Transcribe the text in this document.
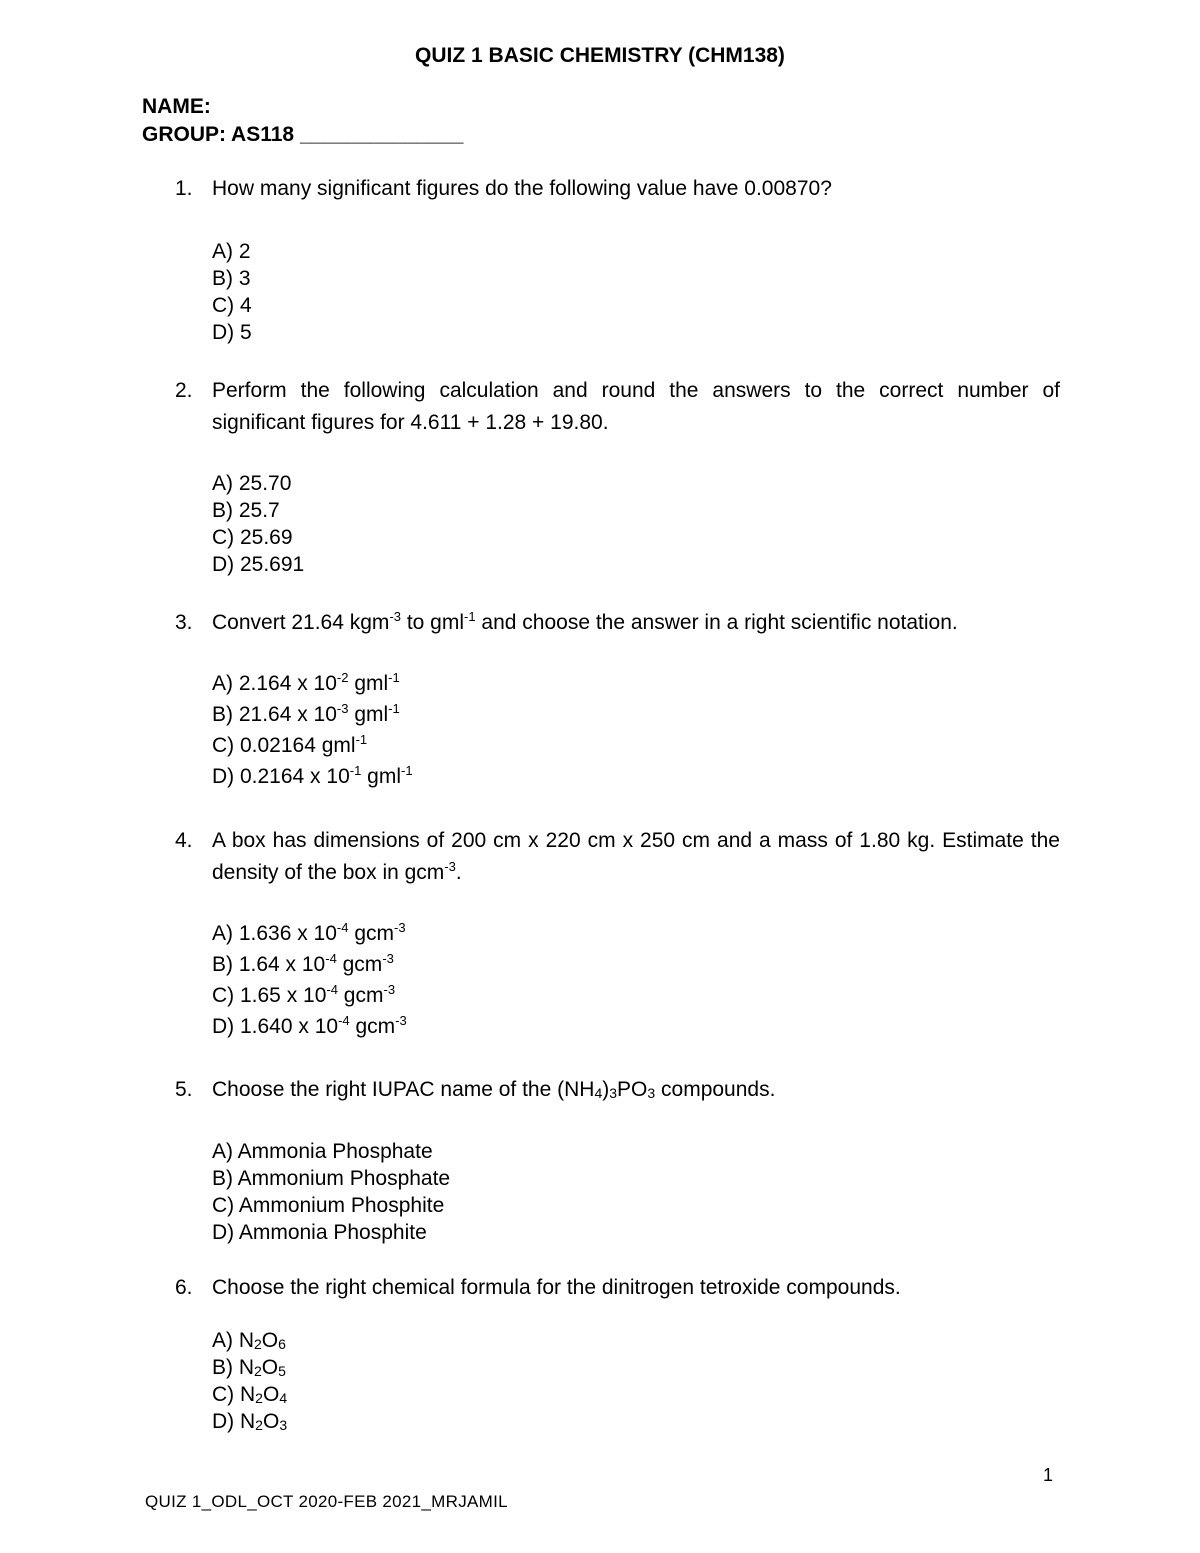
QUIZ 1 BASIC CHEMISTRY (CHM138)
NAME:
GROUP: AS118 ______________
1. How many significant figures do the following value have 0.00870?
A) 2
B) 3
C) 4
D) 5
2. Perform the following calculation and round the answers to the correct number of significant figures for 4.611 + 1.28 + 19.80.
A) 25.70
B) 25.7
C) 25.69
D) 25.691
3. Convert 21.64 kgm$^{-3}$ to gml$^{-1}$ and choose the answer in a right scientific notation.
A) 2.164 x $10^{-2}$ gml$^{-1}$
B) 21.64 x $10^{-3}$ gml$^{-1}$
C) 0.02164 gml$^{-1}$
D) 0.2164 x $10^{-1}$ gml$^{-1}$
4. A box has dimensions of 200 cm x 220 cm x 250 cm and a mass of 1.80 kg. Estimate the density of the box in gcm$^{-3}$.
A) 1.636 x $10^{-4}$ gcm$^{-3}$
B) 1.64 x $10^{-4}$ gcm$^{-3}$
C) 1.65 x $10^{-4}$ gcm$^{-3}$
D) 1.640 x $10^{-4}$ gcm$^{-3}$
5. Choose the right IUPAC name of the (NH4)3PO3 compounds.
A) Ammonia Phosphate
B) Ammonium Phosphate
C) Ammonium Phosphite
D) Ammonia Phosphite
6. Choose the right chemical formula for the dinitrogen tetroxide compounds.
A) N2O6
B) N2O5
C) N2O4
D) N2O3
1
QUIZ 1_ODL_OCT 2020-FEB 2021_MRJAMIL
